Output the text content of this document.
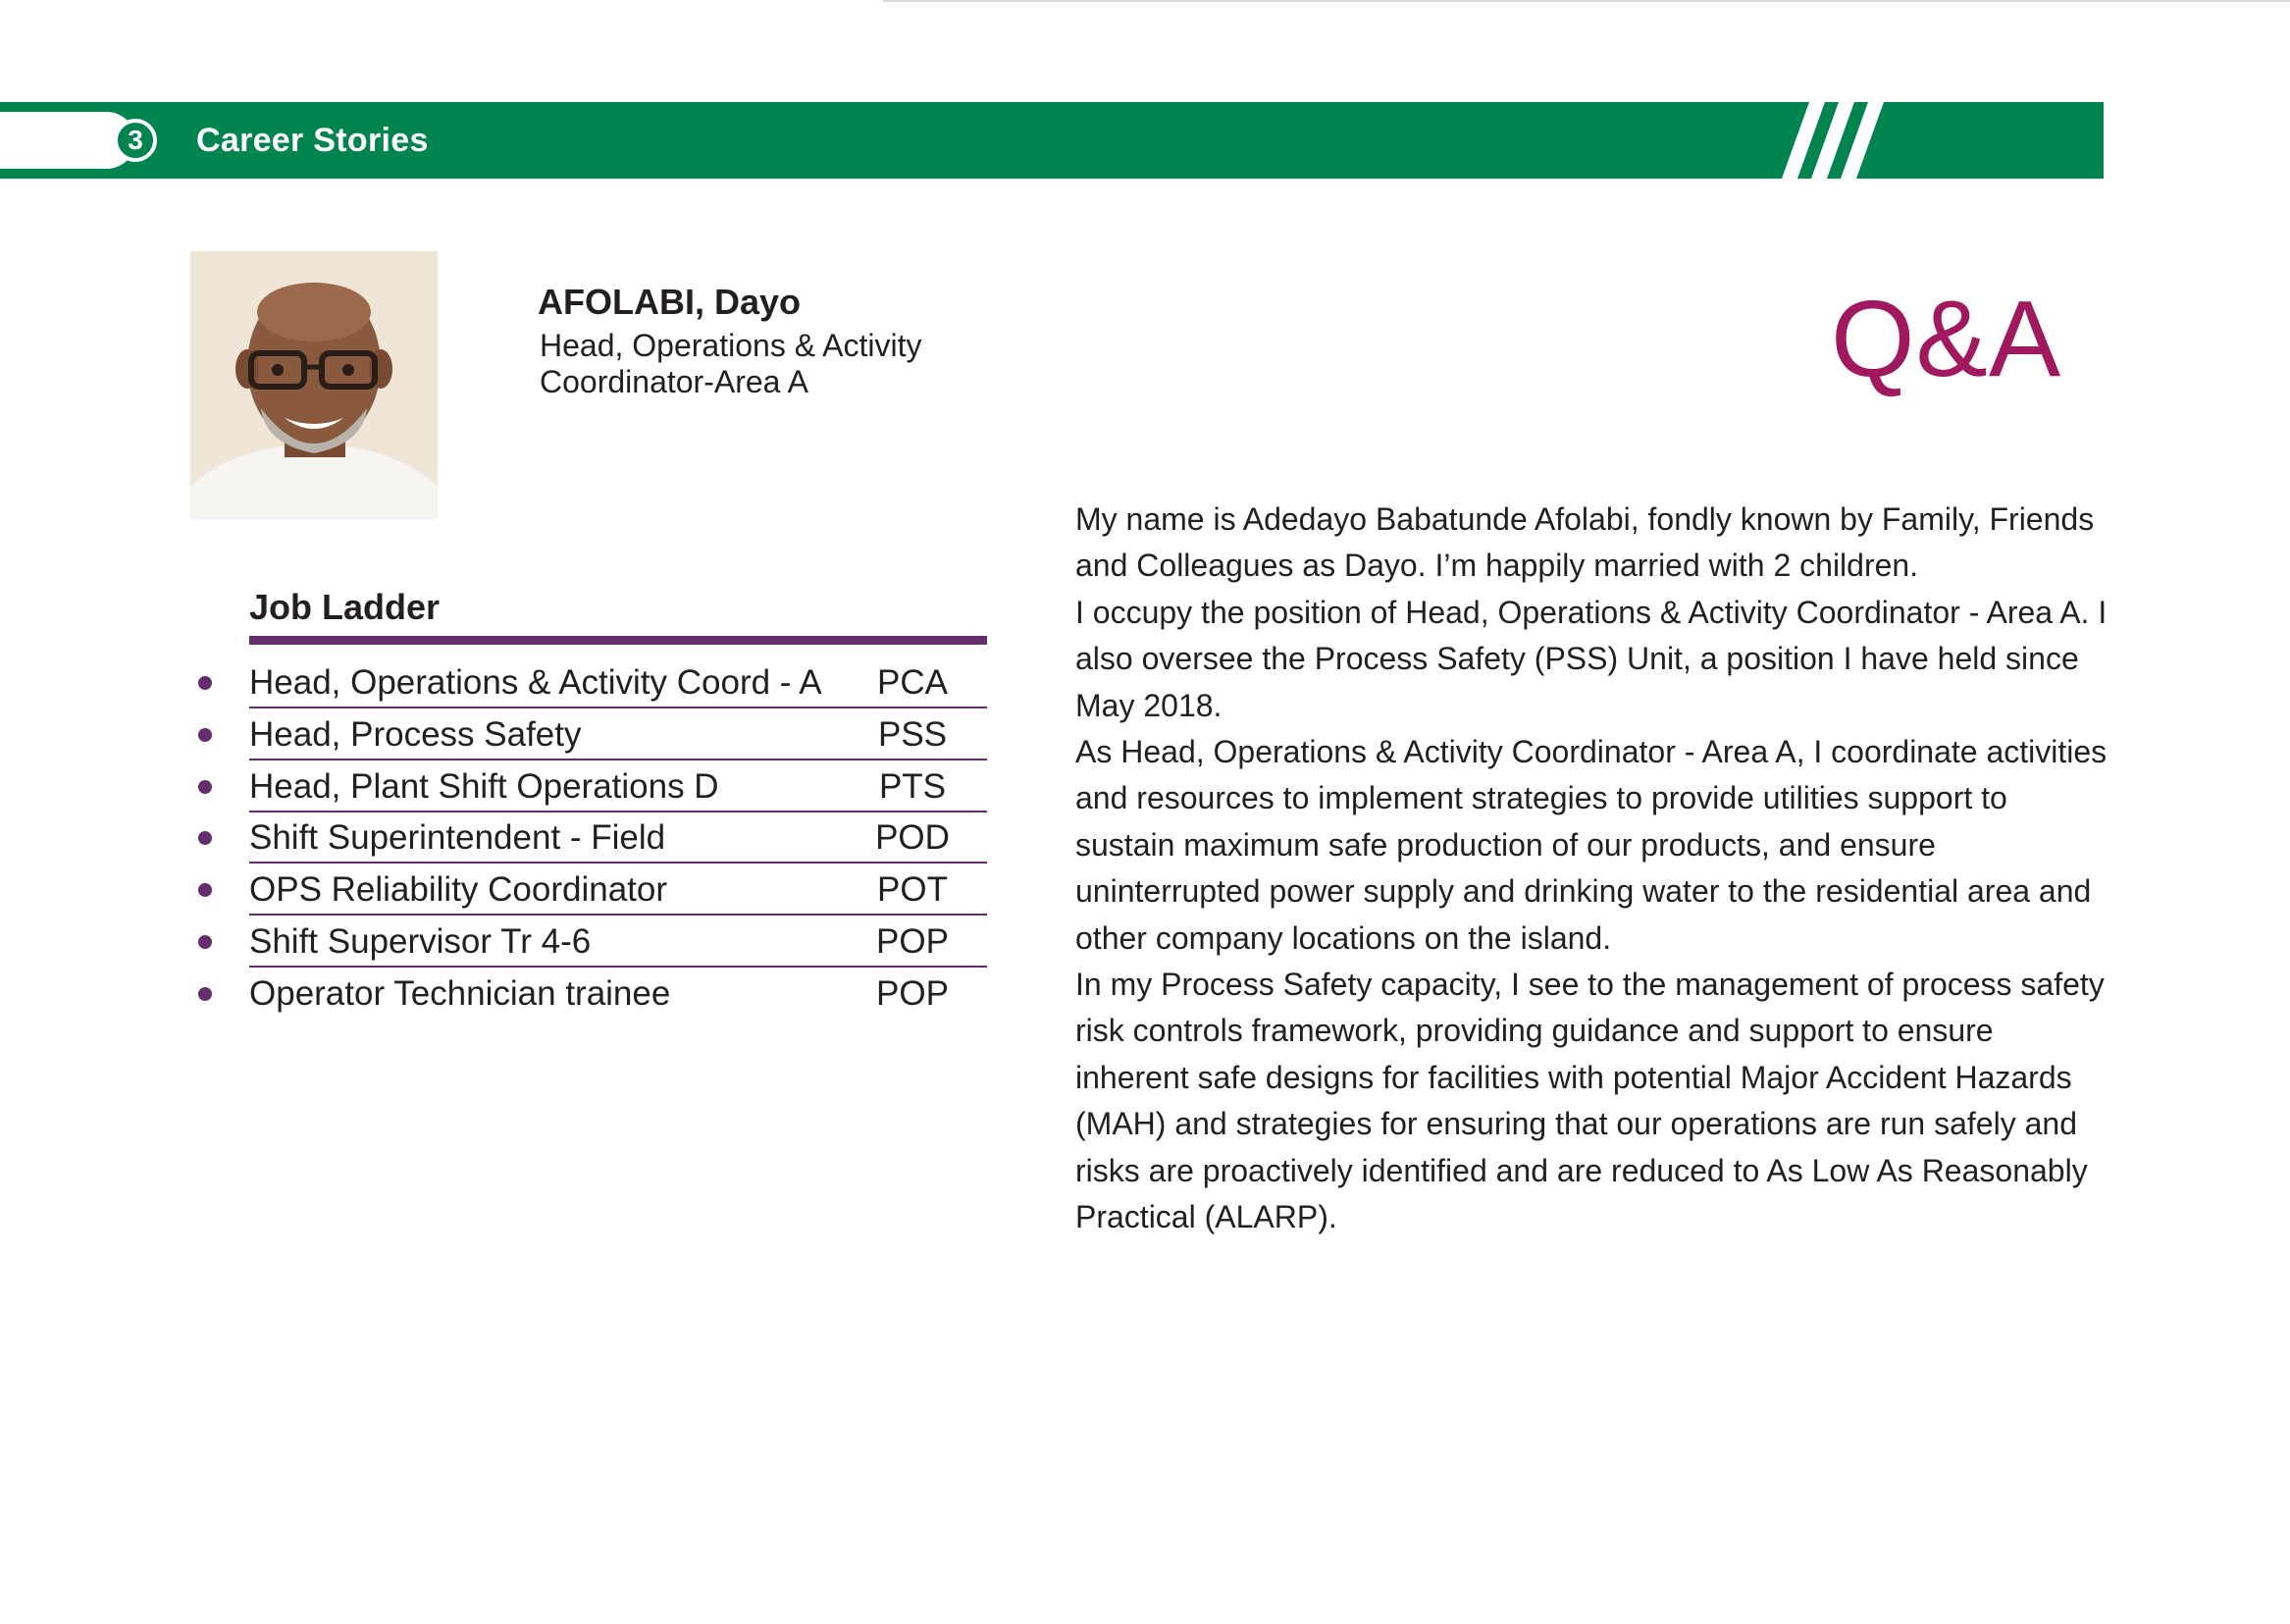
3	Career Stories
AFOLABI, Dayo
Head, Operations & Activity Coordinator-Area A	Q&A
Job Ladder
Head, Operations & Activity Coord - A	PCA
Head, Process Safety	PSS
Head, Plant Shift Operations D	PTS
Shift Superintendent - Field	POD
OPS Reliability Coordinator	POT
Shift Supervisor Tr 4-6	POP
Operator Technician trainee	POP

My name is Adedayo Babatunde Afolabi, fondly known by Family, Friends and Colleagues as Dayo. I’m happily married with 2 children.

I occupy the position of Head, Operations & Activity Coordinator - Area A. I also oversee the Process Safety (PSS) Unit, a position I have held since May 2018.

As Head, Operations & Activity Coordinator - Area A, I coordinate activities and resources to implement strategies to provide utilities support to sustain maximum safe production of our products, and ensure uninterrupted power supply and drinking water to the residential area and other company locations on the island.

In my Process Safety capacity, I see to the management of process safety risk controls framework, providing guidance and support to ensure inherent safe designs for facilities with potential Major Accident Hazards (MAH) and strategies for ensuring that our operations are run safely and risks are proactively identified and are reduced to As Low As Reasonably Practical (ALARP).
